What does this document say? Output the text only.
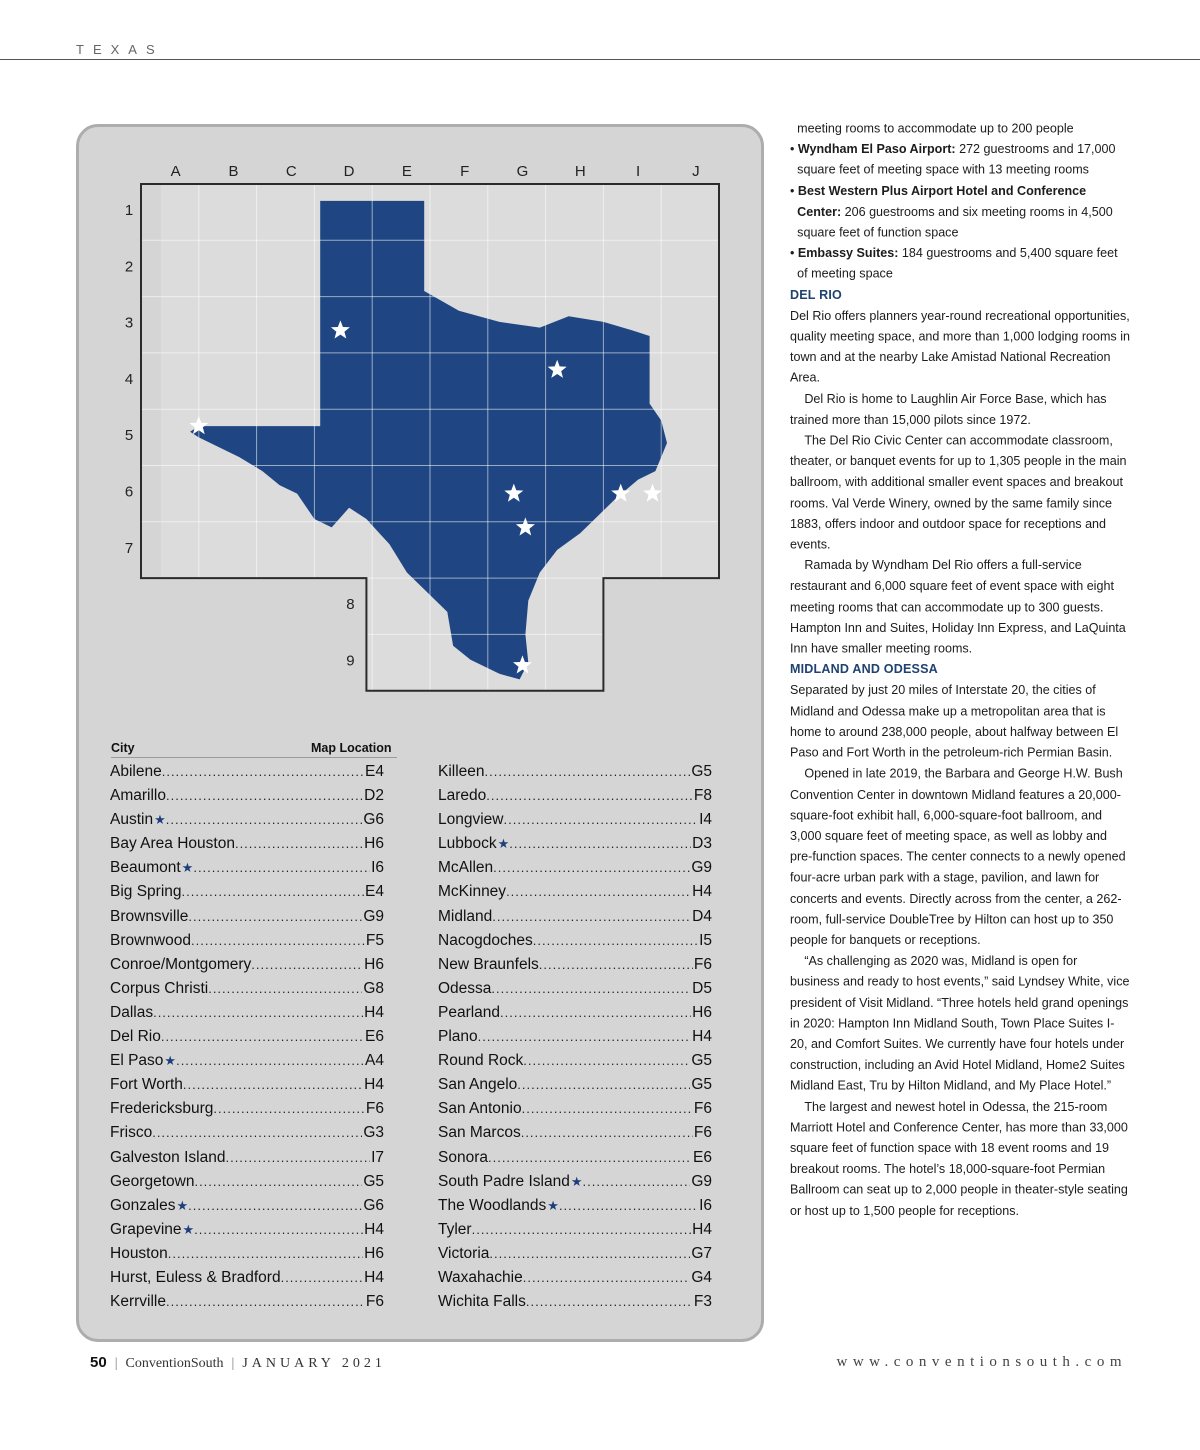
TEXAS
A	B	C	D	E	F	G	H	I	J
1
2
3
4
5
6
7
8
9
City	Map Location
Abilene .....	E4
Amarillo .....	D2
Austin ★ .....	G6
Bay Area Houston .....	H6
Beaumont ★ .....	I6
Big Spring .....	E4
Brownsville .....	G9
Brownwood .....	F5
Conroe/Montgomery .....	H6
Corpus Christi .....	G8
Dallas .....	H4
Del Rio .....	E6
El Paso ★ .....	A4
Fort Worth .....	H4
Fredericksburg .....	F6
Frisco .....	G3
Galveston Island .....	I7
Georgetown .....	G5
Gonzales ★ .....	G6
Grapevine ★ .....	H4
Houston .....	H6
Hurst, Euless & Bradford .....	H4
Kerrville .....	F6
Killeen .....	G5
Laredo .....	F8
Longview .....	I4
Lubbock ★ .....	D3
McAllen .....	G9
McKinney .....	H4
Midland .....	D4
Nacogdoches .....	I5
New Braunfels .....	F6
Odessa .....	D5
Pearland .....	H6
Plano .....	H4
Round Rock .....	G5
San Angelo .....	G5
San Antonio .....	F6
San Marcos .....	F6
Sonora .....	E6
South Padre Island ★ .....	G9
The Woodlands ★ .....	I6
Tyler .....	H4
Victoria .....	G7
Waxahachie .....	G4
Wichita Falls .....	F3

meeting rooms to accommodate up to 200 people

• Wyndham El Paso Airport: 272 guestrooms and 17,000 square feet of meeting space with 13 meeting rooms

• Best Western Plus Airport Hotel and Conference Center: 206 guestrooms and six meeting rooms in 4,500 square feet of function space

• Embassy Suites: 184 guestrooms and 5,400 square feet of meeting space

DEL RIO

Del Rio offers planners year-round recreational opportunities, quality meeting space, and more than 1,000 lodging rooms in town and at the nearby Lake Amistad National Recreation Area.

Del Rio is home to Laughlin Air Force Base, which has trained more than 15,000 pilots since 1972.

The Del Rio Civic Center can accommodate classroom, theater, or banquet events for up to 1,305 people in the main ballroom, with additional smaller event spaces and breakout rooms. Val Verde Winery, owned by the same family since 1883, offers indoor and outdoor space for receptions and events.

Ramada by Wyndham Del Rio offers a full-service restaurant and 6,000 square feet of event space with eight meeting rooms that can accommodate up to 300 guests. Hampton Inn and Suites, Holiday Inn Express, and LaQuinta Inn have smaller meeting rooms.

MIDLAND AND ODESSA

Separated by just 20 miles of Interstate 20, the cities of Midland and Odessa make up a metropolitan area that is home to around 238,000 people, about halfway between El Paso and Fort Worth in the petroleum-rich Permian Basin.

Opened in late 2019, the Barbara and George H.W. Bush Convention Center in downtown Midland features a 20,000-square-foot exhibit hall, 6,000-square-foot ballroom, and 3,000 square feet of meeting space, as well as lobby and pre-function spaces. The center connects to a newly opened four-acre urban park with a stage, pavilion, and lawn for concerts and events. Directly across from the center, a 262-room, full-service DoubleTree by Hilton can host up to 350 people for banquets or receptions.

“As challenging as 2020 was, Midland is open for business and ready to host events,” said Lyndsey White, vice president of Visit Midland. “Three hotels held grand openings in 2020: Hampton Inn Midland South, Town Place Suites I-20, and Comfort Suites. We currently have four hotels under construction, including an Avid Hotel Midland, Home2 Suites Midland East, Tru by Hilton Midland, and My Place Hotel.”

The largest and newest hotel in Odessa, the 215-room Marriott Hotel and Conference Center, has more than 33,000 square feet of function space with 18 event rooms and 19 breakout rooms. The hotel’s 18,000-square-foot Permian Ballroom can seat up to 2,000 people in theater-style seating or host up to 1,500 people for receptions.

50 | ConventionSouth | JANUARY 2021	www.conventionsouth.com
